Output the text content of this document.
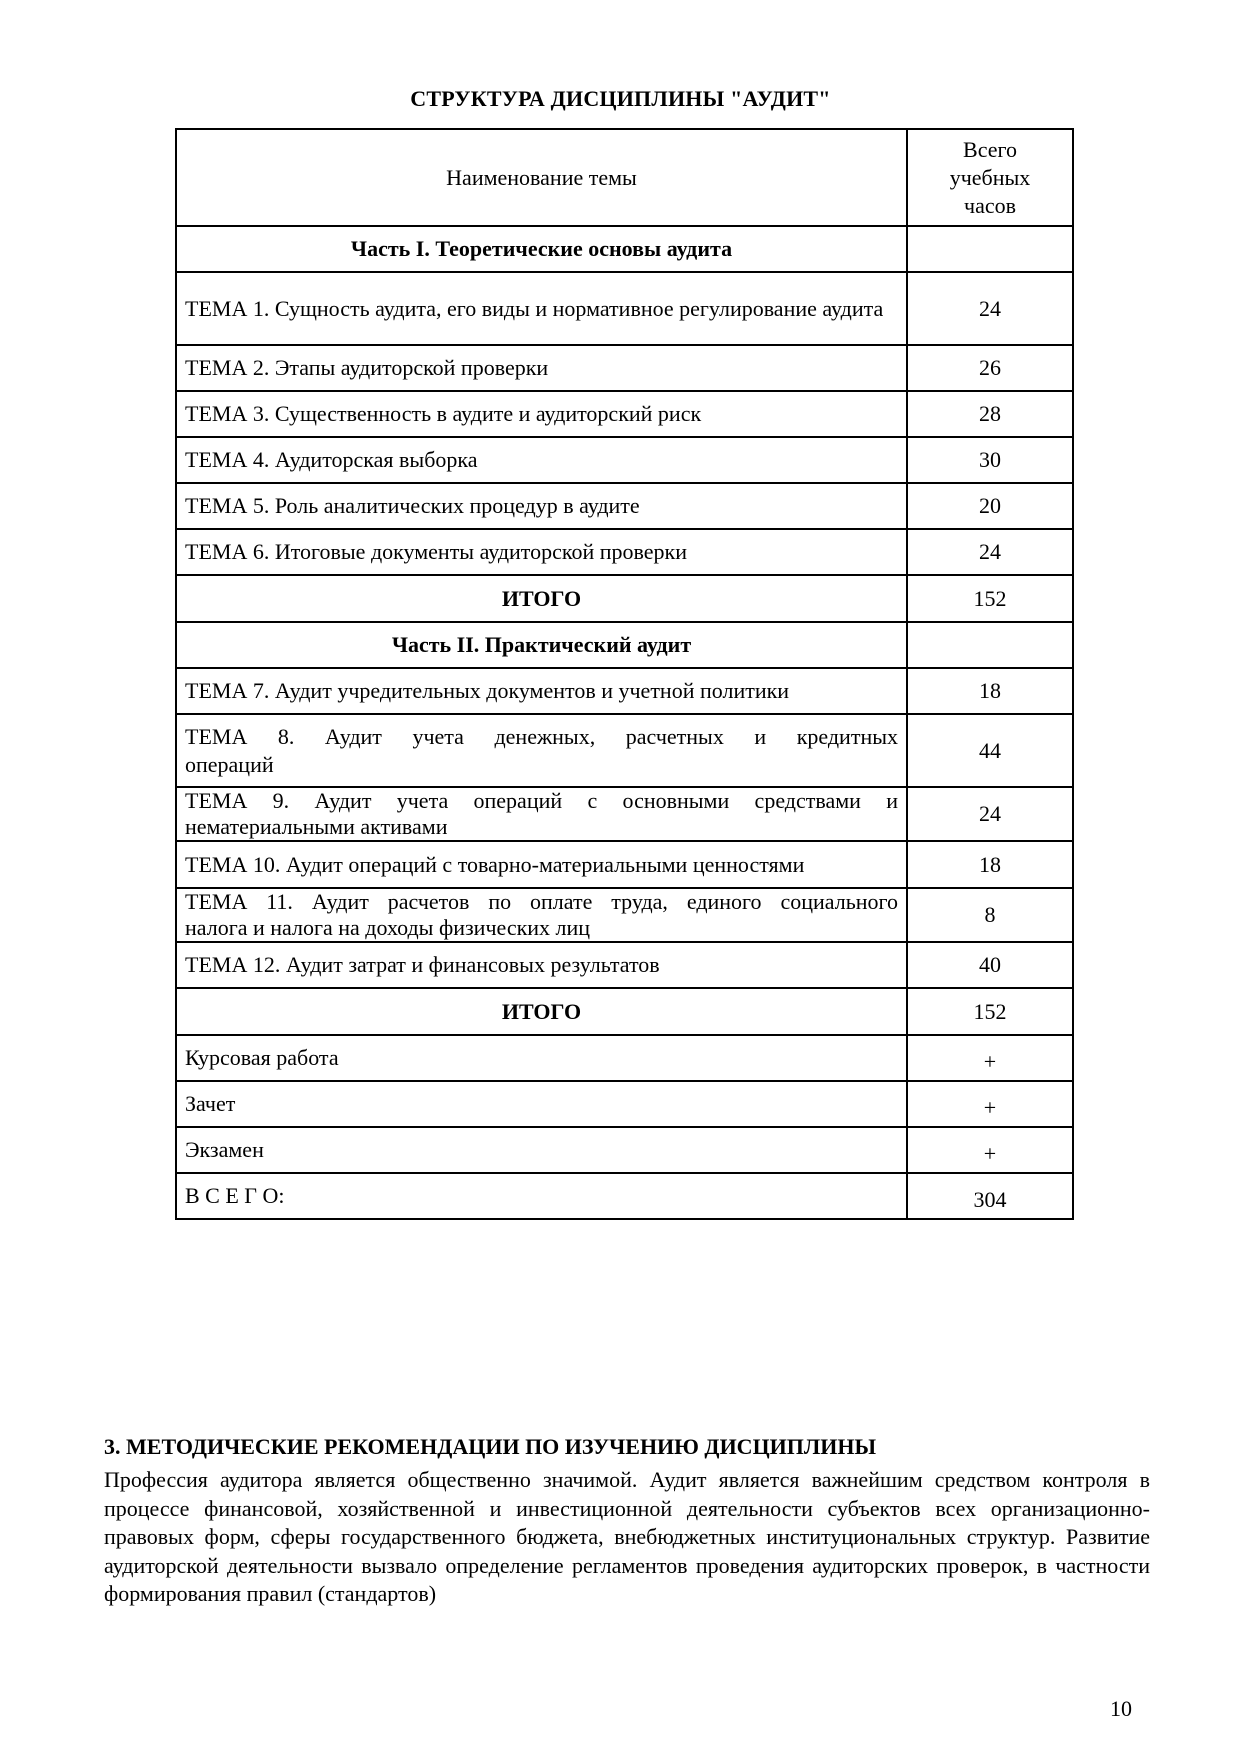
СТРУКТУРА ДИСЦИПЛИНЫ "АУДИТ"
Наименование темы	Всего учебных часов
Часть I. Теоретические основы аудита	
ТЕМА 1. Сущность аудита, его виды и нормативное регулирование аудита	24
ТЕМА 2. Этапы аудиторской проверки	26
ТЕМА 3. Существенность в аудите и аудиторский риск	28
ТЕМА 4. Аудиторская выборка	30
ТЕМА 5. Роль аналитических процедур в аудите	20
ТЕМА 6. Итоговые документы аудиторской проверки	24
ИТОГО	152
Часть II. Практический аудит	
ТЕМА 7. Аудит учредительных документов и учетной политики	18

ТЕМА 8. Аудит учета денежных, расчетных и кредитных
операций	44

ТЕМА 9. Аудит учета операций с основными средствами и
нематериальными активами	24
ТЕМА 10. Аудит операций с товарно-материальными ценностями	18

ТЕМА 11. Аудит расчетов по оплате труда, единого социального
налога и налога на доходы физических лиц	8
ТЕМА 12. Аудит затрат и финансовых результатов	40
ИТОГО	152
Курсовая работа	+
Зачет	+
Экзамен	+
В С Е Г О:	304
3. МЕТОДИЧЕСКИЕ РЕКОМЕНДАЦИИ ПО ИЗУЧЕНИЮ ДИСЦИПЛИНЫ

Профессия аудитора является общественно значимой. Аудит является важнейшим средством контроля в процессе финансовой, хозяйственной и инвестиционной деятельности субъектов всех организационно-правовых форм, сферы государственного бюджета, внебюджетных институциональных структур. Развитие аудиторской деятельности вызвало определение регламентов проведения аудиторских проверок, в частности формирования правил (стандартов)

10
